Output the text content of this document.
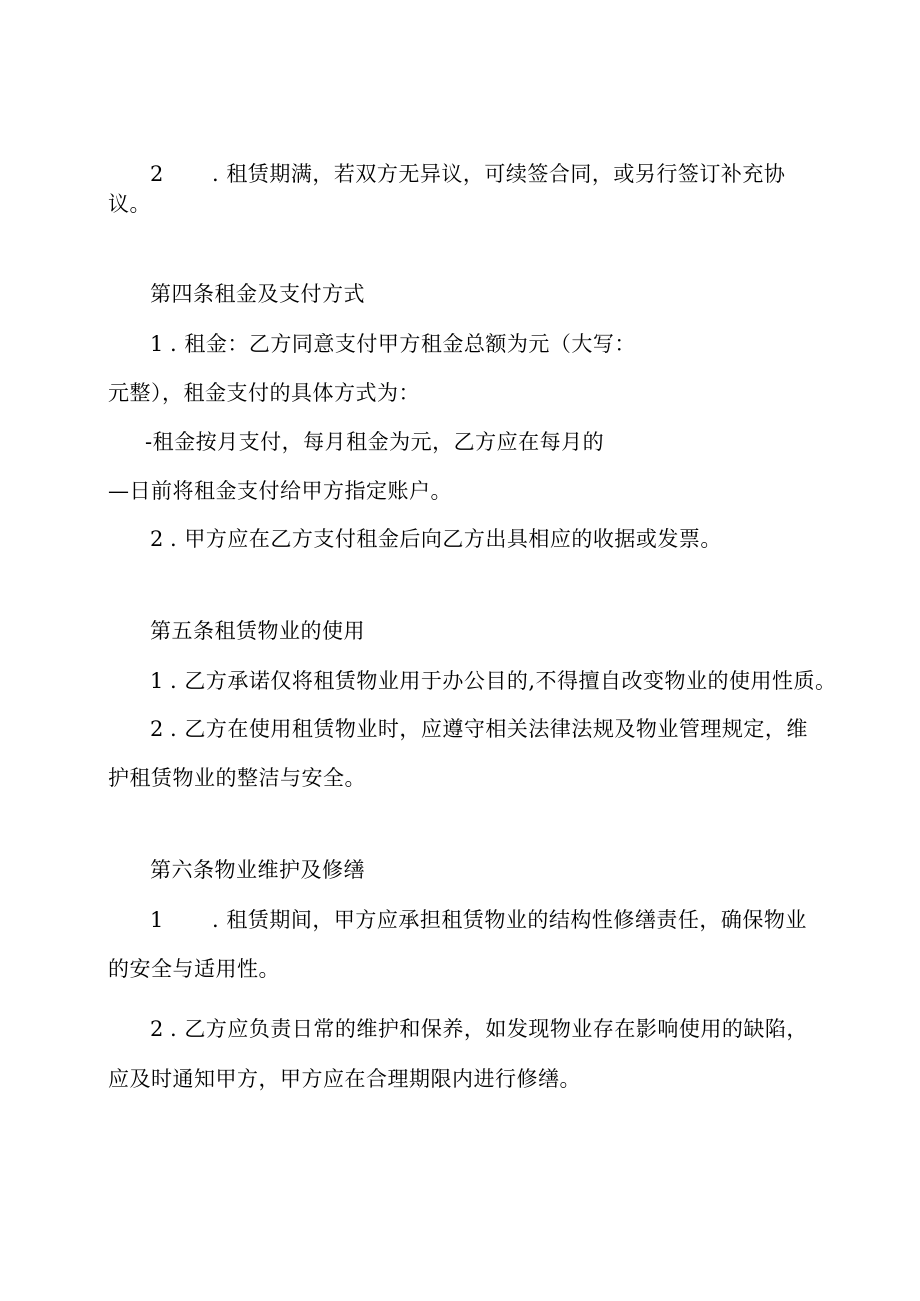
2 . 租赁期满，若双方无异议，可续签合同，或另行签订补充协

议。

第四条租金及支付方式

1 . 租金：乙方同意支付甲方租金总额为元（大写：

元整），租金支付的具体方式为：

-租金按月支付，每月租金为元，乙方应在每月的

—日前将租金支付给甲方指定账户。

2 . 甲方应在乙方支付租金后向乙方出具相应的收据或发票。

第五条租赁物业的使用

1 . 乙方承诺仅将租赁物业用于办公目的,不得擅自改变物业的使用性质。

2 . 乙方在使用租赁物业时，应遵守相关法律法规及物业管理规定，维

护租赁物业的整洁与安全。

第六条物业维护及修缮

1 . 租赁期间，甲方应承担租赁物业的结构性修缮责任，确保物业

的安全与适用性。

2 . 乙方应负责日常的维护和保养，如发现物业存在影响使用的缺陷，

应及时通知甲方，甲方应在合理期限内进行修缮。
